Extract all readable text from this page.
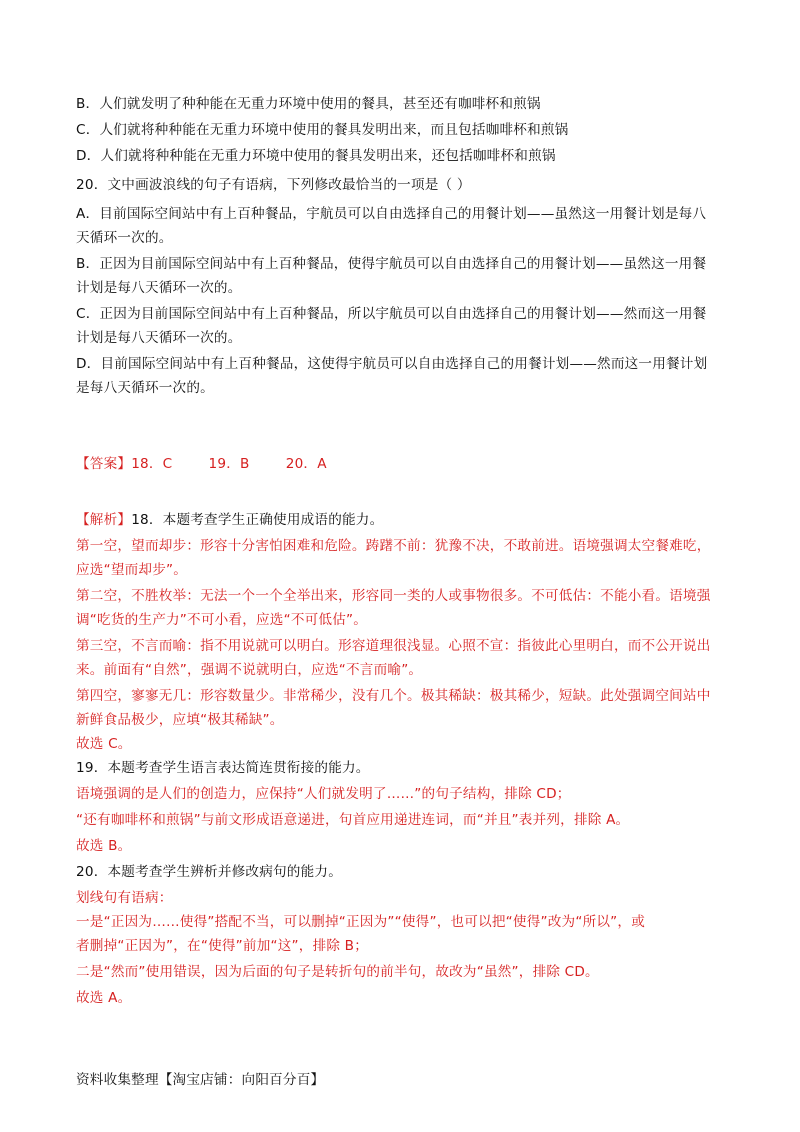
B．人们就发明了种种能在无重力环境中使用的餐具，甚至还有咖啡杯和煎锅
C．人们就将种种能在无重力环境中使用的餐具发明出来，而且包括咖啡杯和煎锅
D．人们就将种种能在无重力环境中使用的餐具发明出来，还包括咖啡杯和煎锅
20．文中画波浪线的句子有语病，下列修改最恰当的一项是（ ）
A．目前国际空间站中有上百种餐品，宇航员可以自由选择自己的用餐计划——虽然这一用餐计划是每八
天循环一次的。
B．正因为目前国际空间站中有上百种餐品，使得宇航员可以自由选择自己的用餐计划——虽然这一用餐
计划是每八天循环一次的。
C．正因为目前国际空间站中有上百种餐品，所以宇航员可以自由选择自己的用餐计划——然而这一用餐
计划是每八天循环一次的。
D．目前国际空间站中有上百种餐品，这使得宇航员可以自由选择自己的用餐计划——然而这一用餐计划
是每八天循环一次的。
【答案】18．C        19．B        20．A
【解析】18．本题考查学生正确使用成语的能力。
第一空，望而却步：形容十分害怕困难和危险。踌躇不前：犹豫不决，不敢前进。语境强调太空餐难吃，
应选“望而却步”。
第二空，不胜枚举：无法一个一个全举出来，形容同一类的人或事物很多。不可低估：不能小看。语境强
调“吃货的生产力”不可小看，应选“不可低估”。
第三空，不言而喻：指不用说就可以明白。形容道理很浅显。心照不宣：指彼此心里明白，而不公开说出
来。前面有“自然”，强调不说就明白，应选“不言而喻”。
第四空，寥寥无几：形容数量少。非常稀少，没有几个。极其稀缺：极其稀少，短缺。此处强调空间站中
新鲜食品极少，应填“极其稀缺”。
故选 C。
19．本题考查学生语言表达简连贯衔接的能力。
语境强调的是人们的创造力，应保持“人们就发明了……”的句子结构，排除 CD；
“还有咖啡杯和煎锅”与前文形成语意递进，句首应用递进连词，而“并且”表并列，排除 A。
故选 B。
20．本题考查学生辨析并修改病句的能力。
划线句有语病：
一是“正因为……使得”搭配不当，可以删掉“正因为”“使得”，也可以把“使得”改为“所以”，或
者删掉“正因为”，在“使得”前加“这”，排除 B；
二是“然而”使用错误，因为后面的句子是转折句的前半句，故改为“虽然”，排除 CD。
故选 A。
资料收集整理【淘宝店铺：向阳百分百】
